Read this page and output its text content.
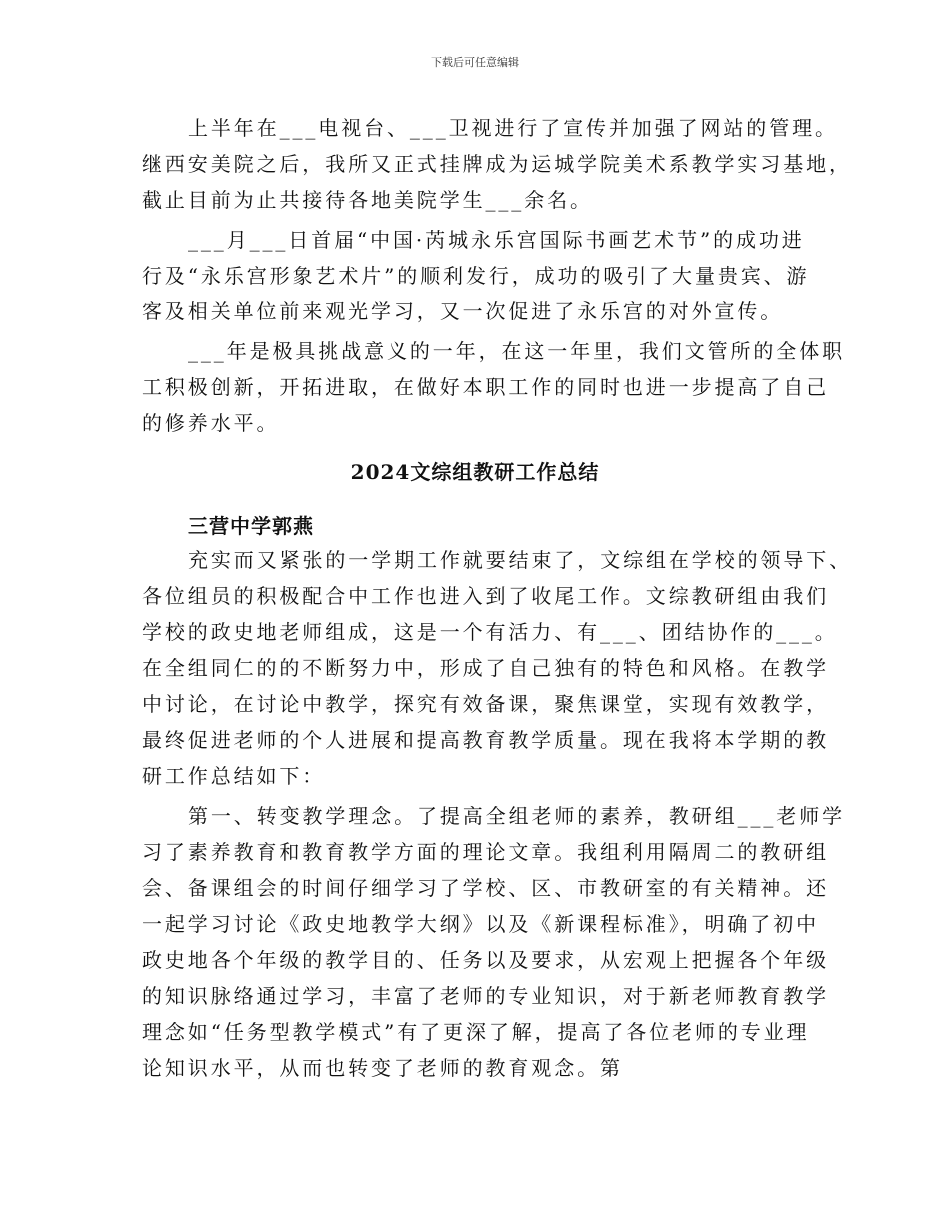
下载后可任意编辑
上半年在___电视台、___卫视进行了宣传并加强了网站的管理。
继西安美院之后，我所又正式挂牌成为运城学院美术系教学实习基地，
截止目前为止共接待各地美院学生___余名。
___月___日首届“中国·芮城永乐宫国际书画艺术节”的成功进
行及“永乐宫形象艺术片”的顺利发行，成功的吸引了大量贵宾、游
客及相关单位前来观光学习，又一次促进了永乐宫的对外宣传。
___年是极具挑战意义的一年，在这一年里，我们文管所的全体职
工积极创新，开拓进取，在做好本职工作的同时也进一步提高了自己
的修养水平。
2024文综组教研工作总结
三营中学郭燕
充实而又紧张的一学期工作就要结束了，文综组在学校的领导下、
各位组员的积极配合中工作也进入到了收尾工作。文综教研组由我们
学校的政史地老师组成，这是一个有活力、有___、团结协作的___。
在全组同仁的的不断努力中，形成了自己独有的特色和风格。在教学
中讨论，在讨论中教学，探究有效备课，聚焦课堂，实现有效教学，
最终促进老师的个人进展和提高教育教学质量。现在我将本学期的教
研工作总结如下：
第一、转变教学理念。了提高全组老师的素养，教研组___老师学
习了素养教育和教育教学方面的理论文章。我组利用隔周二的教研组
会、备课组会的时间仔细学习了学校、区、市教研室的有关精神。还
一起学习讨论《政史地教学大纲》以及《新课程标准》，明确了初中
政史地各个年级的教学目的、任务以及要求，从宏观上把握各个年级
的知识脉络通过学习，丰富了老师的专业知识，对于新老师教育教学
理念如“任务型教学模式”有了更深了解，提高了各位老师的专业理
论知识水平，从而也转变了老师的教育观念。第
